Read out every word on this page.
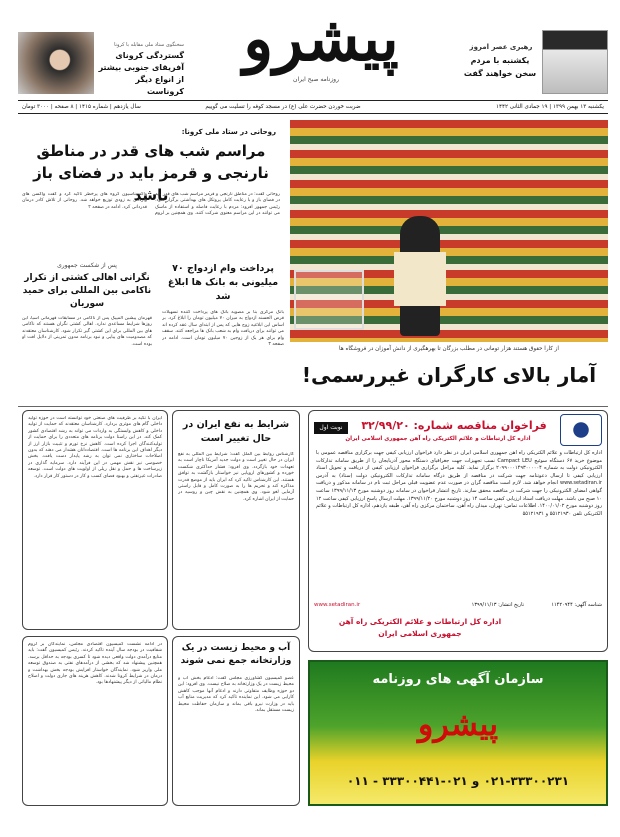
رهبری عصر امروز
یکشنبه با مردم سخن خواهند گفت
پیشرو
روزنامه صبح ایران
سخنگوی ستاد ملی مقابله با کرونا
گستردگی کرونای آفریقای جنوبی بیشتر از انواع دیگر کروناست
یکشنبه ۱۳ بهمن ۱۳۹۹ | ۱۹ جمادی الثانی ۱۴۴۲
ضربت خوردن حضرت علی (ع) در مسجد کوفه را تسلیت می گوییم
سال یازدهم | شماره ۱۴۱۵ | ۸ صفحه | ۳۰۰۰ تومان
روحانی در ستاد ملی کرونا:
مراسم شب های قدر در مناطق نارنجی و قرمز باید در فضای باز باشد
روحانی گفت: در مناطق نارنجی و قرمز مراسم شب های قدر باید در فضای باز و با رعایت کامل پروتکل های بهداشتی برگزار شود. رئیس جمهور افزود: مردم با رعایت فاصله و استفاده از ماسک می توانند در این مراسم معنوی شرکت کنند. وی همچنین بر لزوم واکسیناسیون گروه های پرخطر تاکید کرد و گفت واکسن های وارداتی به زودی توزیع خواهد شد. روحانی از تلاش کادر درمان قدردانی کرد. ادامه در صفحه ۲
از کارا حقوق هستند هزار تومانی در مطلب بزرگان تا بهرهگیری از دانش آموزان در فروشگاه ها
آمار بالای کارگران غیررسمی!
پرداخت وام ازدواج ۷۰ میلیونی به بانک ها ابلاغ شد
بانک مرکزی بنا بر مصوبه بانک های پرداخت کننده تسهیلات قرض الحسنه ازدواج به میزان ۷۰ میلیون تومان را ابلاغ کرد. بر اساس این ابلاغیه زوج هایی که پس از ابتدای سال عقد کرده اند می توانند برای دریافت وام به شعب بانک ها مراجعه کنند. سقف وام برای هر یک از زوجین ۷۰ میلیون تومان است. ادامه در صفحه ۳
پس از شکست جمهوری
نگرانی اهالی کشتی از تکرار ناکامی بین المللی برای حمید سوریان
قهرمان پیشین المپیک پس از ناکامی در مسابقات قهرمانی آسیا، این روزها شرایط مساعدی ندارد. اهالی کشتی نگران هستند که ناکامی های بین المللی برای این کشتی گیر تکرار شود. کارشناسان معتقدند که مصدومیت های پیاپی و نبود برنامه مدون تمرینی از دلایل افت او بوده است.
نوبت اول	فراخوان مناقصه شماره: ۳۲/۹۹/۲۰
اداره کل ارتباطات و علائم الکتریکی راه آهن جمهوری اسلامی ایران
اداره کل ارتباطات و علائم الکتریکی راه آهن جمهوری اسلامی ایران در نظر دارد فراخوان ارزیابی کیفی جهت برگزاری مناقصه عمومی با موضوع خرید ۶۷ دستگاه سوئیچ Campact LEU نسب تجهیزات جهت جغرافیای دستگاه محور آذربایجان را از طریق سامانه تدارکات الکترونیکی دولت به شماره ۲۰۹۹۰۰۰۱۴۹۳۰۰۰۰۰۴ برگزار نماید. کلیه مراحل برگزاری فراخوان ارزیابی کیفی از دریافت و تحویل اسناد ارزیابی کیفی تا ارسال دعوتنامه جهت شرکت در مناقصه از طریق درگاه سامانه تدارکات الکترونیکی دولت (ستاد) به آدرس www.setadiran.ir انجام خواهد شد. لازم است مناقصه گران در صورت عدم عضویت قبلی مراحل ثبت نام در سامانه مذکور و دریافت گواهی امضای الکترونیکی را جهت شرکت در مناقصه محقق سازند. تاریخ انتشار فراخوان در سامانه روز دوشنبه مورخ ۱۳۹۹/۱۱/۱۳ ساعت ۱۰ صبح می باشد. مهلت دریافت اسناد ارزیابی کیفی ساعت ۱۴ روز دوشنبه مورخ ۱۳۹۹/۱۱/۲۰. مهلت ارسال پاسخ ارزیابی کیفی ساعت ۱۲ روز دوشنبه مورخ ۱۴۰۰/۰۱/۰۲. اطلاعات تماس: تهران، میدان راه آهن، ساختمان مرکزی راه آهن، طبقه یازدهم، اداره کل ارتباطات و علائم الکتریکی تلفن ۵۵۱۲۱۹۳۰ و ۵۵۱۲۱۹۳۱
www.setadiran.ir	تاریخ انتشار: ۱۳۹۹/۱۱/۱۳	شناسه آگهی: ۱۱۴۲۰۹۴۴
اداره کل ارتباطات و علائم الکتریکی راه آهن جمهوری اسلامی ایران
سازمان آگهی های روزنامه
پیشرو
۰۲۱-۳۳۳۰۰۲۳۱ و ۰۲۱-۳۳۳۰۰۴۴۱ - ۰۱۱
ایران با تکیه بر ظرفیت های صنعتی خود توانسته است در حوزه تولید داخلی گام های موثری بردارد. کارشناسان معتقدند که حمایت از تولید داخلی و کاهش وابستگی به واردات می تواند به رشد اقتصادی کشور کمک کند. در این راستا دولت برنامه های متعددی را برای حمایت از تولیدکنندگان اجرا کرده است. کاهش نرخ تورم و تثبیت بازار ارز از دیگر اهداف این برنامه ها است. اقتصاددانان هشدار می دهند که بدون اصلاحات ساختاری نمی توان به رشد پایدار دست یافت. بخش خصوصی نیز نقش مهمی در این فرآیند دارد. سرمایه گذاری در زیرساخت ها و حمل و نقل ریلی از اولویت های دولت است. توسعه صادرات غیرنفتی و بهبود فضای کسب و کار در دستور کار قرار دارد.
شرایط به نفع ایران در حال تغییر است
کارشناس روابط بین الملل گفت: شرایط بین المللی به نفع ایران در حال تغییر است و دولت جدید آمریکا ناچار است به تعهدات خود بازگردد. وی افزود: فشار حداکثری شکست خورده و کشورهای اروپایی نیز خواستار بازگشت به توافق هستند. این کارشناس تاکید کرد که ایران باید از موضع قدرت مذاکره کند و تحریم ها را به صورت کامل و قابل راستی آزمایی لغو شود. وی همچنین به نقش چین و روسیه در حمایت از ایران اشاره کرد.
در ادامه نشست کمیسیون اقتصادی مجلس، نمایندگان بر لزوم شفافیت در بودجه سال آینده تاکید کردند. رئیس کمیسیون گفت: باید منابع درآمدی دولت واقعی دیده شود تا کسری بودجه به حداقل برسد. همچنین پیشنهاد شد که بخشی از درآمدهای نفتی به صندوق توسعه ملی واریز شود. نمایندگان خواستار افزایش بودجه بخش بهداشت و درمان در شرایط کرونا شدند. کاهش هزینه های جاری دولت و اصلاح نظام مالیاتی از دیگر پیشنهادها بود.
آب و محیط زیست در یک وزارتخانه جمع نمی شوند
عضو کمیسیون کشاورزی مجلس گفت: ادغام بخش آب و محیط زیست در یک وزارتخانه به صلاح نیست. وی افزود: این دو حوزه وظایف متفاوتی دارند و ادغام آنها موجب کاهش کارایی می شود. این نماینده تاکید کرد که مدیریت منابع آب باید در وزارت نیرو باقی بماند و سازمان حفاظت محیط زیست مستقل بماند.
